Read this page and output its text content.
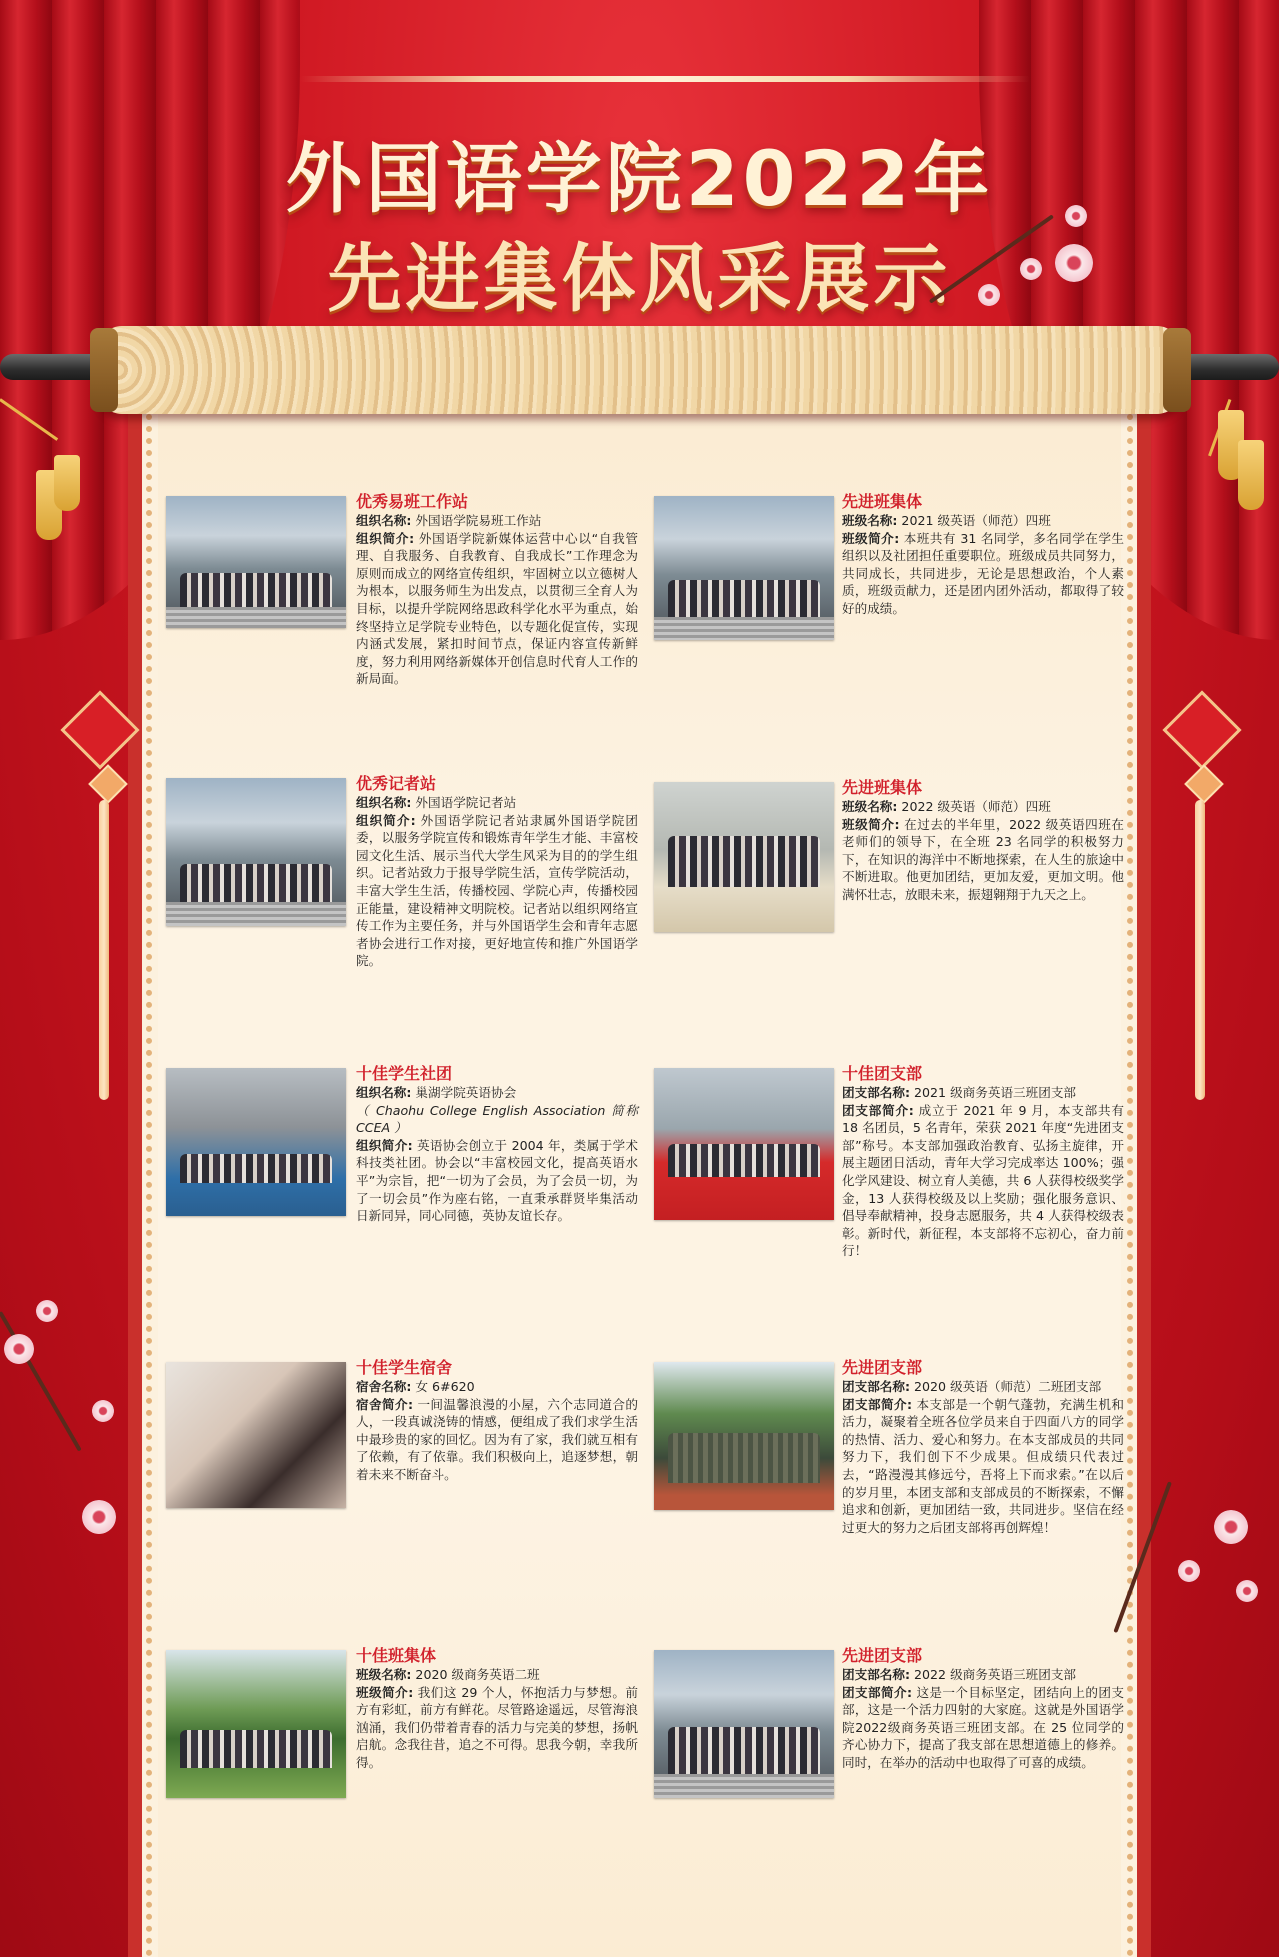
外国语学院2022年
先进集体风采展示
优秀易班工作站
组织名称: 外国语学院易班工作站
组织简介: 外国语学院新媒体运营中心以“自我管理、自我服务、自我教育、自我成长”工作理念为原则而成立的网络宣传组织，牢固树立以立德树人为根本，以服务师生为出发点，以贯彻三全育人为目标，以提升学院网络思政科学化水平为重点，始终坚持立足学院专业特色，以专题化促宣传，实现内涵式发展，紧扣时间节点，保证内容宣传新鲜度，努力利用网络新媒体开创信息时代育人工作的新局面。
先进班集体
班级名称: 2021 级英语（师范）四班
班级简介: 本班共有 31 名同学，多名同学在学生组织以及社团担任重要职位。班级成员共同努力，共同成长，共同进步，无论是思想政治，个人素质，班级贡献力，还是团内团外活动，都取得了较好的成绩。
优秀记者站
组织名称: 外国语学院记者站
组织简介: 外国语学院记者站隶属外国语学院团委，以服务学院宣传和锻炼青年学生才能、丰富校园文化生活、展示当代大学生风采为目的的学生组织。记者站致力于报导学院生活，宣传学院活动，丰富大学生生活，传播校园、学院心声，传播校园正能量，建设精神文明院校。记者站以组织网络宣传工作为主要任务，并与外国语学生会和青年志愿者协会进行工作对接，更好地宣传和推广外国语学院。
先进班集体
班级名称: 2022 级英语（师范）四班
班级简介: 在过去的半年里，2022 级英语四班在老师们的领导下，在全班 23 名同学的积极努力下，在知识的海洋中不断地探索，在人生的旅途中不断进取。他更加团结，更加友爱，更加文明。他满怀壮志，放眼未来，振翅翱翔于九天之上。
十佳学生社团
组织名称: 巢湖学院英语协会
（ Chaohu College English Association 简称 CCEA ）
组织简介: 英语协会创立于 2004 年，类属于学术科技类社团。协会以“丰富校园文化，提高英语水平”为宗旨，把“一切为了会员，为了会员一切，为了一切会员”作为座右铭，一直秉承群贤毕集活动日新同异，同心同德，英协友谊长存。
十佳团支部
团支部名称: 2021 级商务英语三班团支部
团支部简介: 成立于 2021 年 9 月，本支部共有 18 名团员，5 名青年，荣获 2021 年度“先进团支部”称号。本支部加强政治教育、弘扬主旋律，开展主题团日活动，青年大学习完成率达 100%；强化学风建设、树立育人美德，共 6 人获得校级奖学金，13 人获得校级及以上奖励；强化服务意识、倡导奉献精神，投身志愿服务，共 4 人获得校级表彰。新时代，新征程，本支部将不忘初心，奋力前行！
十佳学生宿舍
宿舍名称: 女 6#620
宿舍简介: 一间温馨浪漫的小屋，六个志同道合的人，一段真诚浇铸的情感，便组成了我们求学生活中最珍贵的家的回忆。因为有了家，我们就互相有了依赖，有了依靠。我们积极向上，追逐梦想，朝着未来不断奋斗。
先进团支部
团支部名称: 2020 级英语（师范）二班团支部
团支部简介: 本支部是一个朝气蓬勃，充满生机和活力，凝聚着全班各位学员来自于四面八方的同学的热情、活力、爱心和努力。在本支部成员的共同努力下，我们创下不少成果。但成绩只代表过去，“路漫漫其修远兮，吾将上下而求索。”在以后的岁月里，本团支部和支部成员的不断探索，不懈追求和创新，更加团结一致，共同进步。坚信在经过更大的努力之后团支部将再创辉煌！
十佳班集体
班级名称: 2020 级商务英语二班
班级简介: 我们这 29 个人，怀抱活力与梦想。前方有彩虹，前方有鲜花。尽管路途遥远，尽管海浪汹涌，我们仍带着青春的活力与完美的梦想，扬帆启航。念我往昔，追之不可得。思我今朝，幸我所得。
先进团支部
团支部名称: 2022 级商务英语三班团支部
团支部简介: 这是一个目标坚定，团结向上的团支部，这是一个活力四射的大家庭。这就是外国语学院2022级商务英语三班团支部。在 25 位同学的齐心协力下，提高了我支部在思想道德上的修养。同时，在举办的活动中也取得了可喜的成绩。
